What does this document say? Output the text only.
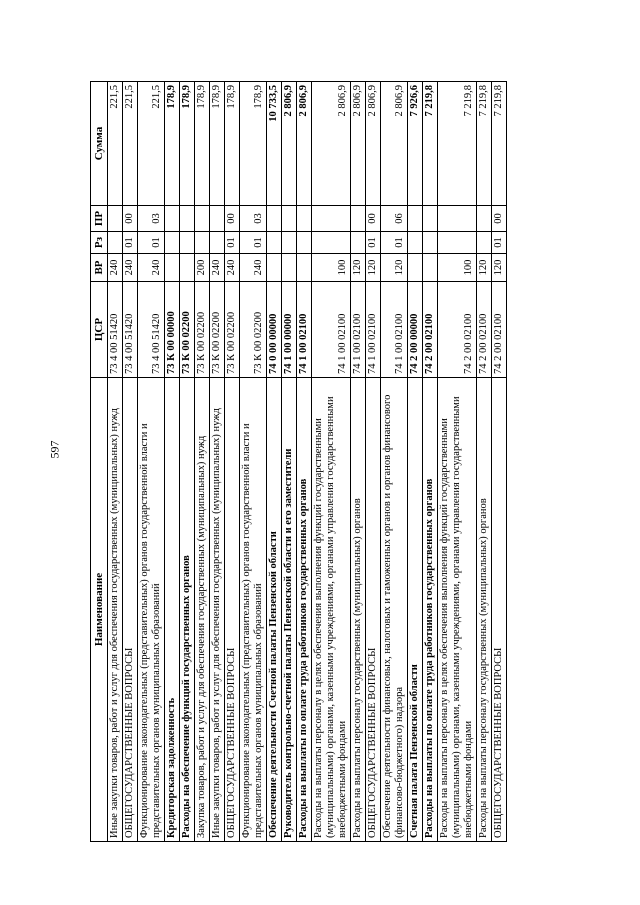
597
Наименование	ЦСР	ВР	Рз	ПР	Сумма
Иные закупки товаров, работ и услуг для обеспечения государственных (муниципальных) нужд	73 4 00 51420	240			221,5
ОБЩЕГОСУДАРСТВЕННЫЕ ВОПРОСЫ	73 4 00 51420	240	01	00	221,5
Функционирование законодательных (представительных) органов государственной власти и представительных органов муниципальных образований	73 4 00 51420	240	01	03	221,5
Кредиторская задолженность	73 К 00 00000				178,9
Расходы на обеспечение функций государственных органов	73 К 00 02200				178,9
Закупка товаров, работ и услуг для обеспечения государственных (муниципальных) нужд	73 К 00 02200	200			178,9
Иные закупки товаров, работ и услуг для обеспечения государственных (муниципальных) нужд	73 К 00 02200	240			178,9
ОБЩЕГОСУДАРСТВЕННЫЕ ВОПРОСЫ	73 К 00 02200	240	01	00	178,9
Функционирование законодательных (представительных) органов государственной власти и представительных органов муниципальных образований	73 К 00 02200	240	01	03	178,9
Обеспечение деятельности Счетной палаты Пензенской области	74 0 00 00000				10 733,5
Руководитель контрольно-счетной палаты Пензенской области и его заместители	74 1 00 00000				2 806,9
Расходы на выплаты по оплате труда работников государственных органов	74 1 00 02100				2 806,9
Расходы на выплаты персоналу в целях обеспечения выполнения функций государственными (муниципальными) органами, казенными учреждениями, органами управления государственными внебюджетными фондами	74 1 00 02100	100			2 806,9
Расходы на выплаты персоналу государственных (муниципальных) органов	74 1 00 02100	120			2 806,9
ОБЩЕГОСУДАРСТВЕННЫЕ ВОПРОСЫ	74 1 00 02100	120	01	00	2 806,9
Обеспечение деятельности финансовых, налоговых и таможенных органов и органов финансового (финансово-бюджетного) надзора	74 1 00 02100	120	01	06	2 806,9
Счетная палата Пензенской области	74 2 00 00000				7 926,6
Расходы на выплаты по оплате труда работников государственных органов	74 2 00 02100				7 219,8
Расходы на выплаты персоналу в целях обеспечения выполнения функций государственными (муниципальными) органами, казенными учреждениями, органами управления государственными внебюджетными фондами	74 2 00 02100	100			7 219,8
Расходы на выплаты персоналу государственных (муниципальных) органов	74 2 00 02100	120			7 219,8
ОБЩЕГОСУДАРСТВЕННЫЕ ВОПРОСЫ	74 2 00 02100	120	01	00	7 219,8
